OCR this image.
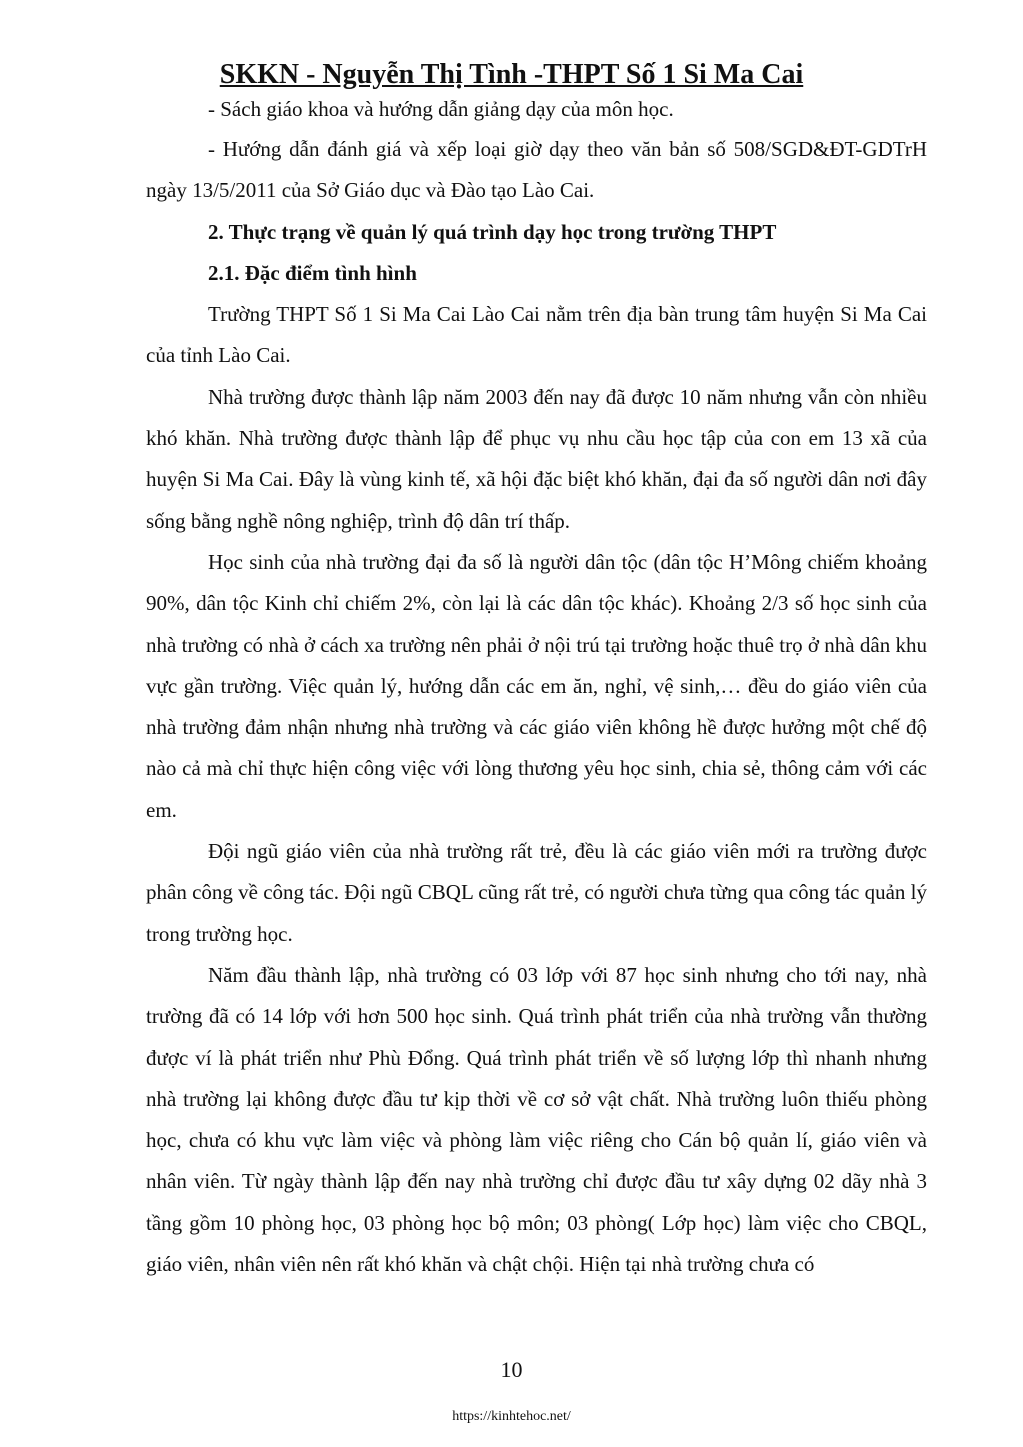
SKKN - Nguyễn Thị Tình -THPT Số 1 Si Ma Cai

- Sách giáo khoa và hướng dẫn giảng dạy của môn học.

- Hướng dẫn đánh giá và xếp loại giờ dạy theo văn bản số 508/SGD&ĐT-GDTrH ngày 13/5/2011 của Sở Giáo dục và Đào tạo Lào Cai.

2. Thực trạng về quản lý quá trình dạy học trong trường THPT

2.1. Đặc điểm tình hình

Trường THPT Số 1 Si Ma Cai Lào Cai nằm trên địa bàn trung tâm huyện Si Ma Cai của tỉnh Lào Cai.

Nhà trường được thành lập năm 2003 đến nay đã được 10 năm nhưng vẫn còn nhiều khó khăn. Nhà trường được thành lập để phục vụ nhu cầu học tập của con em 13 xã của huyện Si Ma Cai. Đây là vùng kinh tế, xã hội đặc biệt khó khăn, đại đa số người dân nơi đây sống bằng nghề nông nghiệp, trình độ dân trí thấp.

Học sinh của nhà trường đại đa số là người dân tộc (dân tộc H’Mông chiếm khoảng 90%, dân tộc Kinh chỉ chiếm 2%, còn lại là các dân tộc khác). Khoảng 2/3 số học sinh của nhà trường có nhà ở cách xa trường nên phải ở nội trú tại trường hoặc thuê trọ ở nhà dân khu vực gần trường. Việc quản lý, hướng dẫn các em ăn, nghỉ, vệ sinh,… đều do giáo viên của nhà trường đảm nhận nhưng nhà trường và các giáo viên không hề được hưởng một chế độ nào cả mà chỉ thực hiện công việc với lòng thương yêu học sinh, chia sẻ, thông cảm với các em.

Đội ngũ giáo viên của nhà trường rất trẻ, đều là các giáo viên mới ra trường được phân công về công tác. Đội ngũ CBQL cũng rất trẻ, có người chưa từng qua công tác quản lý trong trường học.

Năm đầu thành lập, nhà trường có 03 lớp với 87 học sinh nhưng cho tới nay, nhà trường đã có 14 lớp với hơn 500 học sinh. Quá trình phát triển của nhà trường vẫn thường được ví là phát triển như Phù Đổng. Quá trình phát triển về số lượng lớp thì nhanh nhưng nhà trường lại không được đầu tư kịp thời về cơ sở vật chất. Nhà trường luôn thiếu phòng học, chưa có khu vực làm việc và phòng làm việc riêng cho Cán bộ quản lí, giáo viên và nhân viên. Từ ngày thành lập đến nay nhà trường chỉ được đầu tư xây dựng 02 dãy nhà 3 tầng gồm 10 phòng học, 03 phòng học bộ môn; 03 phòng( Lớp học) làm việc cho CBQL, giáo viên, nhân viên nên rất khó khăn và chật chội. Hiện tại nhà trường chưa có

10
https://kinhtehoc.net/
